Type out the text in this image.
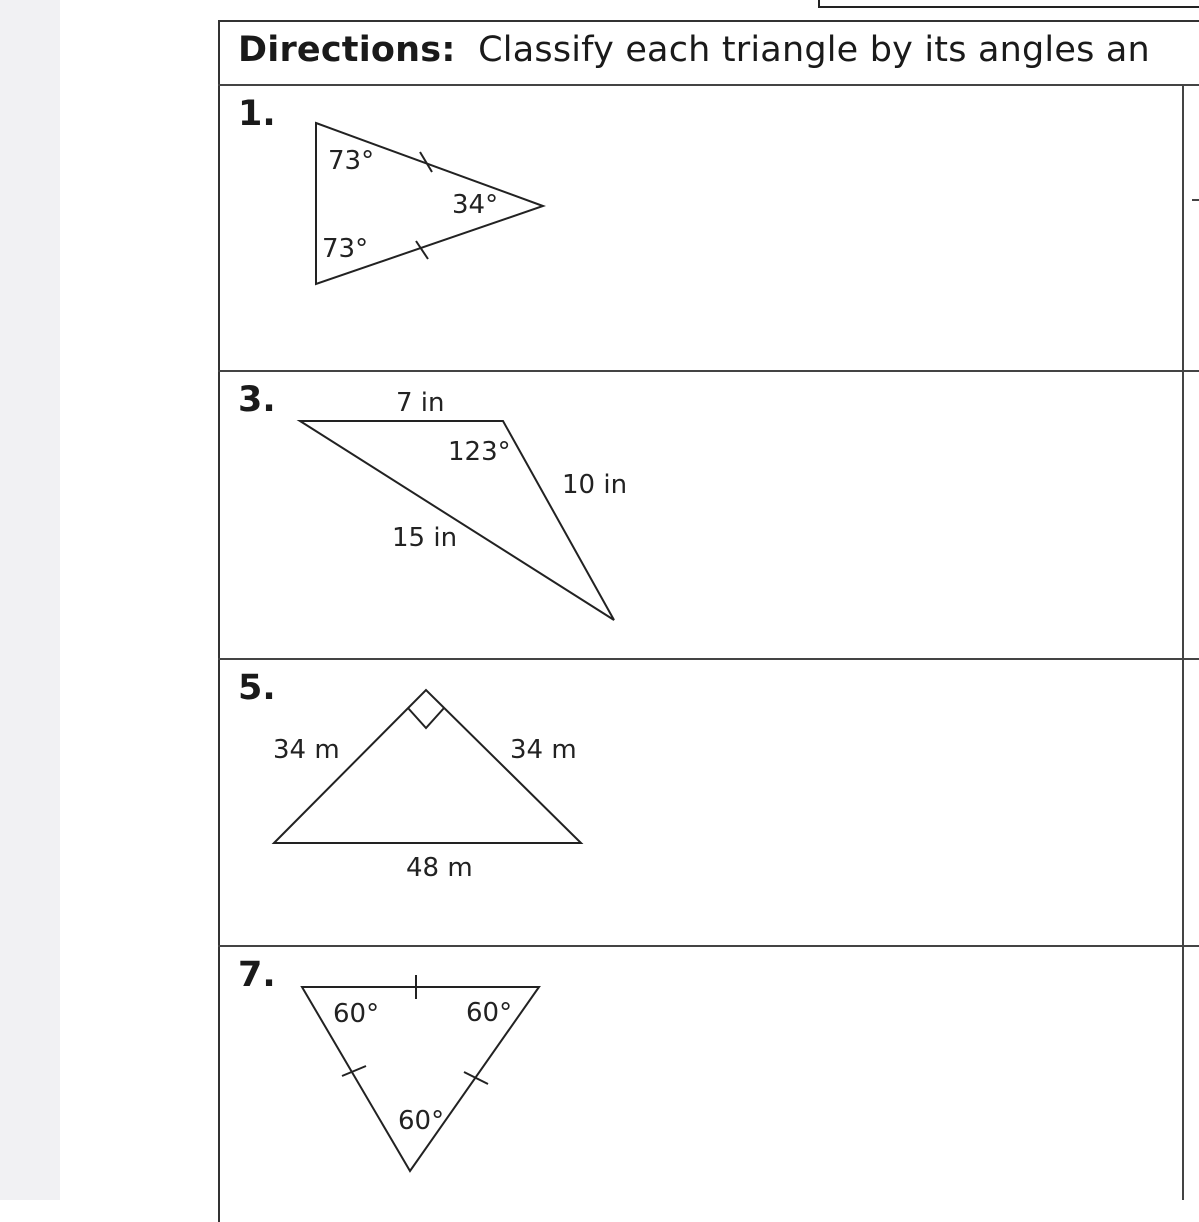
Directions: Classify each triangle by its angles an
1.
73°
34°
73°
3.	7 in
123°
10 in
15 in
5.
34 m	34 m
48 m
7.
60°	60°
60°
